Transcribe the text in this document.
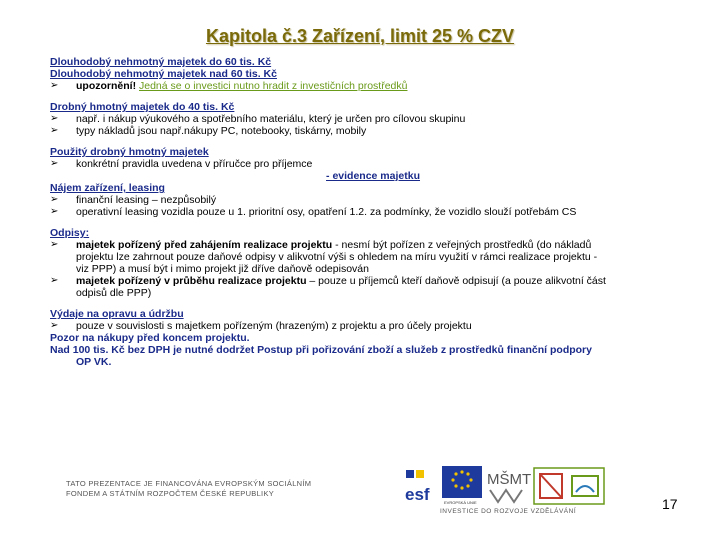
Kapitola č.3 Zařízení, limit 25 % CZV
Dlouhodobý nehmotný majetek do 60 tis. Kč
Dlouhodobý nehmotný majetek nad 60 tis. Kč
➢	upozornění! Jedná se o investici nutno hradit z investičních prostředků
Drobný hmotný majetek do 40 tis. Kč
➢	např. i nákup výukového a spotřebního materiálu, který je určen pro cílovou skupinu
➢	typy nákladů jsou např.nákupy PC, notebooky, tiskárny, mobily
Použitý drobný hmotný majetek
➢	konkrétní pravidla uvedena v příručce pro příjemce
- evidence majetku
Nájem zařízení, leasing
➢	finanční leasing – nezpůsobilý
➢	operativní leasing vozidla pouze u 1. prioritní osy, opatření 1.2. za podmínky, že vozidlo slouží potřebám CS
Odpisy:
➢	majetek pořízený před zahájením realizace projektu - nesmí být pořízen z veřejných prostředků (do nákladů
projektu lze zahrnout pouze daňové odpisy v alikvotní výši s ohledem na míru využití v rámci realizace projektu -
viz PPP) a musí být i mimo projekt již dříve daňově odepisován
➢	majetek pořízený v průběhu realizace projektu – pouze u příjemců kteří daňově odpisují (a pouze alikvotní část
odpisů dle PPP)
Výdaje na opravu a údržbu
➢	pouze v souvislosti s majetkem pořízeným (hrazeným) z projektu a pro účely projektu
Pozor na nákupy před koncem projektu.
Nad 100 tis. Kč bez DPH je nutné dodržet Postup při pořizování zboží a služeb z prostředků finanční podpory
OP VK.
TATO PREZENTACE JE FINANCOVÁNA EVROPSKÝM SOCIÁLNÍM
FONDEM A STÁTNÍM ROZPOČTEM ČESKÉ REPUBLIKY	esf	EVROPSKÁ UNIE
MŠMT
INVESTICE DO ROZVOJE VZDĚLÁVÁNÍ	17
